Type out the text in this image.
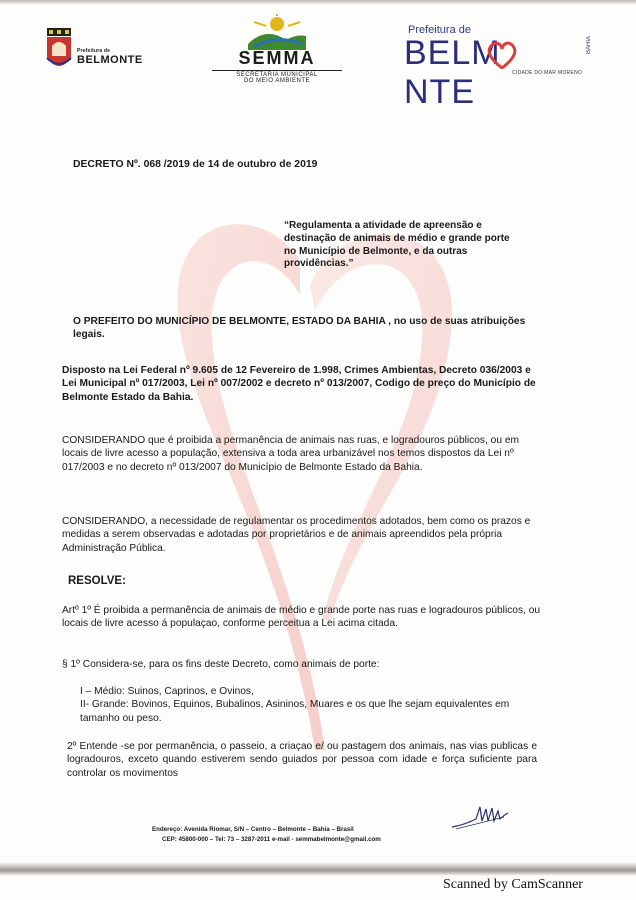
Prefeitura de
BELMONTE	SEMMA
SECRETARIA MUNICIPAL
DO MEIO AMBIENTE
Prefeitura de
BELMNTE
BAHIA
CIDADE DO MAR MORENO
DECRETO Nº. 068 /2019 de 14 de outubro de 2019
“Regulamenta a atividade de apreensão e destinação de animais de médio e grande porte no Município de Belmonte, e da outras providências.”
O PREFEITO DO MUNICÍPIO DE BELMONTE, ESTADO DA BAHIA , no uso de suas atribuições legais.
Disposto na Lei Federal nº 9.605 de 12 Fevereiro de 1.998, Crimes Ambientas, Decreto 036/2003 e Lei Municipal nº 017/2003, Lei nº 007/2002 e decreto nº 013/2007, Codigo de preço do Município de Belmonte Estado da Bahia.
CONSIDERANDO que é proibida a permanência de animais nas ruas, e logradouros públicos, ou em locais de livre acesso a população, extensiva a toda area urbanizável nos temos dispostos da Lei nº 017/2003 e no decreto nº 013/2007 do Município de Belmonte Estado da Bahia.
CONSIDERANDO, a necessidade de regulamentar os procedimentos adotados, bem como os prazos e medidas a serem observadas e adotadas por proprietários e de animais apreendidos pela própria Administração Pública.
RESOLVE:
Artº 1º É proibida a permanência de animais de médio e grande porte nas ruas e logradouros públicos, ou locais de livre acesso á populaçao, conforme perceitua a Lei acima citada.
§ 1º Considera-se, para os fins deste Decreto, como animais de porte:
I – Médio: Suinos, Caprinos, e Ovinos,
II- Grande: Bovinos, Equinos, Bubalinos, Asininos, Muares e os que lhe sejam equivalentes em tamanho ou peso.
2º Entende -se por permanência, o passeio, a criaçao e/ ou pastagem dos animais, nas vias publicas e logradouros, exceto quando estiverem sendo guiados por pessoa com idade e força suficiente para controlar os movimentos
Endereço: Avenida Riomar, S/N – Centro – Belmonte – Bahia – Brasil
CEP: 45800-000 – Tel: 73 – 3287-2011 e-mail - semmabelmonte@gmail.com
Scanned by CamScanner
